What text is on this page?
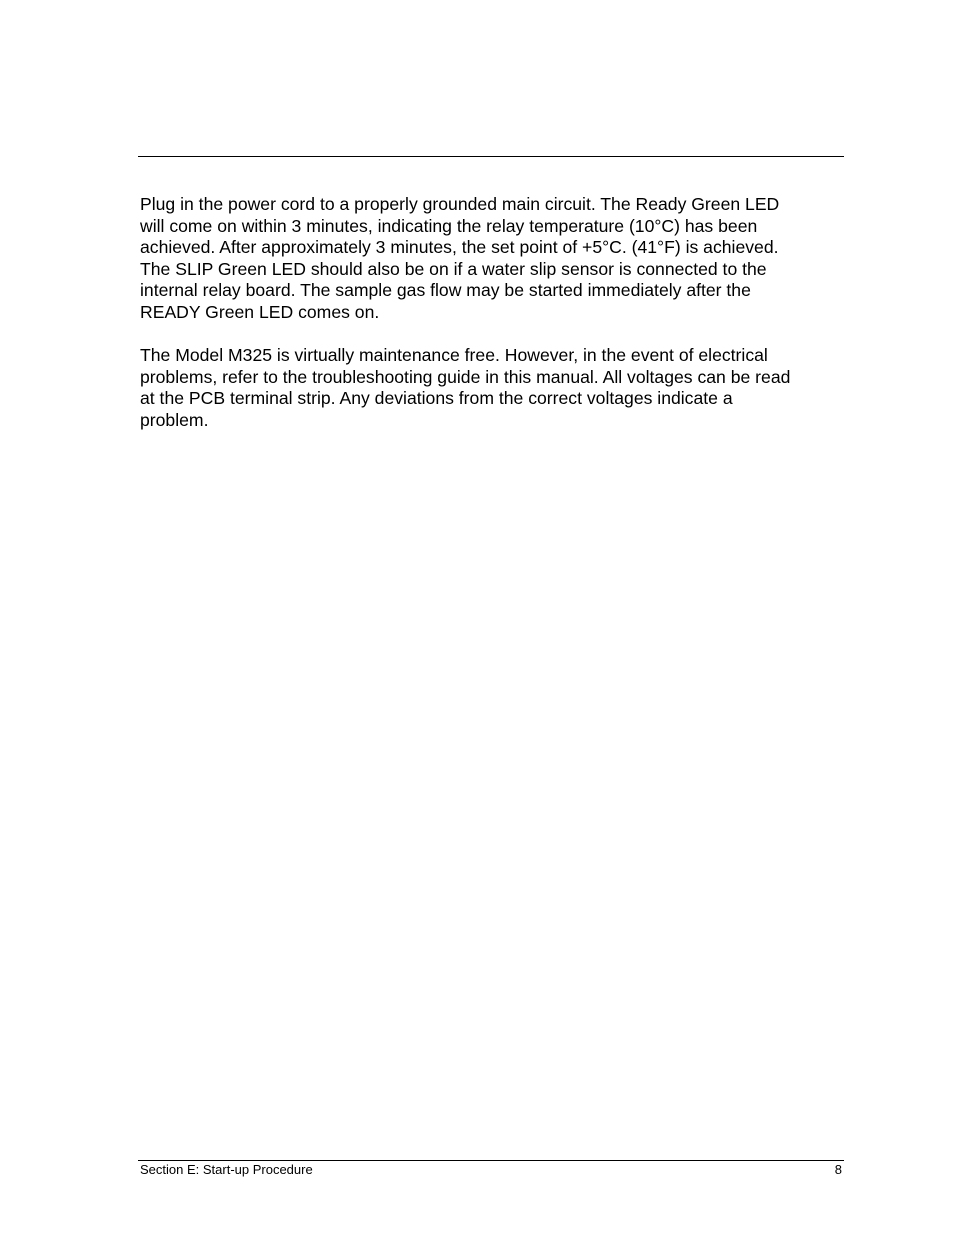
Plug in the power cord to a properly grounded main circuit. The Ready Green LED
will come on within 3 minutes, indicating the relay temperature (10°C) has been
achieved. After approximately 3 minutes, the set point of +5°C. (41°F) is achieved.
The SLIP Green LED should also be on if a water slip sensor is connected to the
internal relay board. The sample gas flow may be started immediately after the
READY Green LED comes on.

The Model M325 is virtually maintenance free. However, in the event of electrical
problems, refer to the troubleshooting guide in this manual. All voltages can be read
at the PCB terminal strip. Any deviations from the correct voltages indicate a
problem.

Section E: Start-up Procedure	8
